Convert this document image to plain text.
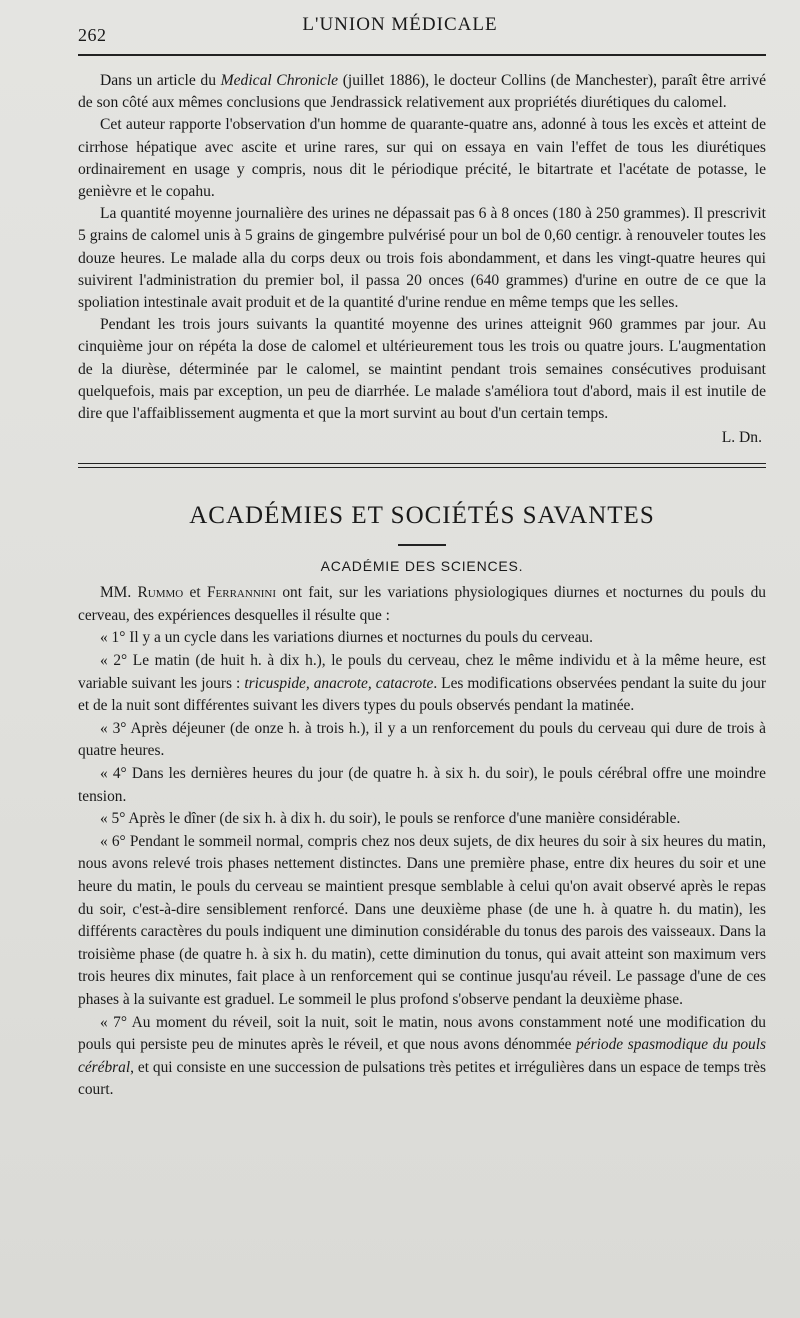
262	L'UNION MÉDICALE

Dans un article du Medical Chronicle (juillet 1886), le docteur Collins (de Manchester), paraît être arrivé de son côté aux mêmes conclusions que Jendrassick relativement aux propriétés diurétiques du calomel.

Cet auteur rapporte l'observation d'un homme de quarante-quatre ans, adonné à tous les excès et atteint de cirrhose hépatique avec ascite et urine rares, sur qui on essaya en vain l'effet de tous les diurétiques ordinairement en usage y compris, nous dit le périodique précité, le bitartrate et l'acétate de potasse, le genièvre et le copahu.

La quantité moyenne journalière des urines ne dépassait pas 6 à 8 onces (180 à 250 grammes). Il prescrivit 5 grains de calomel unis à 5 grains de gingembre pulvérisé pour un bol de 0,60 centigr. à renouveler toutes les douze heures. Le malade alla du corps deux ou trois fois abondamment, et dans les vingt-quatre heures qui suivirent l'administration du premier bol, il passa 20 onces (640 grammes) d'urine en outre de ce que la spoliation intestinale avait produit et de la quantité d'urine rendue en même temps que les selles.

Pendant les trois jours suivants la quantité moyenne des urines atteignit 960 grammes par jour. Au cinquième jour on répéta la dose de calomel et ultérieurement tous les trois ou quatre jours. L'augmentation de la diurèse, déterminée par le calomel, se maintint pendant trois semaines consécutives produisant quelquefois, mais par exception, un peu de diarrhée. Le malade s'améliora tout d'abord, mais il est inutile de dire que l'affaiblissement augmenta et que la mort survint au bout d'un certain temps.

L. Dn.
ACADÉMIES ET SOCIÉTÉS SAVANTES
ACADÉMIE DES SCIENCES.

MM. Rummo et Ferrannini ont fait, sur les variations physiologiques diurnes et nocturnes du pouls du cerveau, des expériences desquelles il résulte que :

« 1° Il y a un cycle dans les variations diurnes et nocturnes du pouls du cerveau.

« 2° Le matin (de huit h. à dix h.), le pouls du cerveau, chez le même individu et à la même heure, est variable suivant les jours : tricuspide, anacrote, catacrote. Les modifications observées pendant la suite du jour et de la nuit sont différentes suivant les divers types du pouls observés pendant la matinée.

« 3° Après déjeuner (de onze h. à trois h.), il y a un renforcement du pouls du cerveau qui dure de trois à quatre heures.

« 4° Dans les dernières heures du jour (de quatre h. à six h. du soir), le pouls cérébral offre une moindre tension.

« 5° Après le dîner (de six h. à dix h. du soir), le pouls se renforce d'une manière considérable.

« 6° Pendant le sommeil normal, compris chez nos deux sujets, de dix heures du soir à six heures du matin, nous avons relevé trois phases nettement distinctes. Dans une première phase, entre dix heures du soir et une heure du matin, le pouls du cerveau se maintient presque semblable à celui qu'on avait observé après le repas du soir, c'est-à-dire sensiblement renforcé. Dans une deuxième phase (de une h. à quatre h. du matin), les différents caractères du pouls indiquent une diminution considérable du tonus des parois des vaisseaux. Dans la troisième phase (de quatre h. à six h. du matin), cette diminution du tonus, qui avait atteint son maximum vers trois heures dix minutes, fait place à un renforcement qui se continue jusqu'au réveil. Le passage d'une de ces phases à la suivante est graduel. Le sommeil le plus profond s'observe pendant la deuxième phase.

« 7° Au moment du réveil, soit la nuit, soit le matin, nous avons constamment noté une modification du pouls qui persiste peu de minutes après le réveil, et que nous avons dénommée période spasmodique du pouls cérébral, et qui consiste en une succession de pulsations très petites et irrégulières dans un espace de temps très court.
